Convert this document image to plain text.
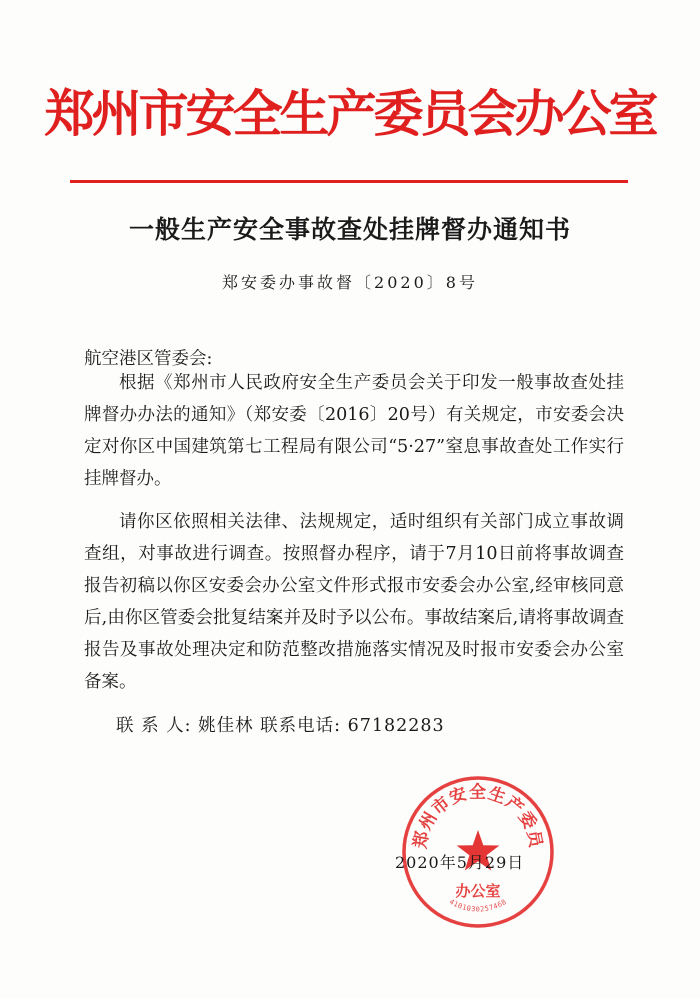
郑州市安全生产委员会办公室
一般生产安全事故查处挂牌督办通知书
郑安委办事故督〔2020〕8号
航空港区管委会:
根据《郑州市人民政府安全生产委员会关于印发一般事故查处挂牌督办办法的通知》（郑安委〔2016〕20号）有关规定，市安委会决定对你区中国建筑第七工程局有限公司“5·27”窒息事故查处工作实行挂牌督办。
请你区依照相关法律、法规规定，适时组织有关部门成立事故调查组，对事故进行调查。按照督办程序，请于7月10日前将事故调查报告初稿以你区安委会办公室文件形式报市安委会办公室,经审核同意后,由你区管委会批复结案并及时予以公布。事故结案后,请将事故调查报告及事故处理决定和防范整改措施落实情况及时报市安委会办公室备案。
联 系 人: 姚佳林 联系电话: 67182283
郑州市安全生产委员
办公室
4101030257468
2020年5月29日
